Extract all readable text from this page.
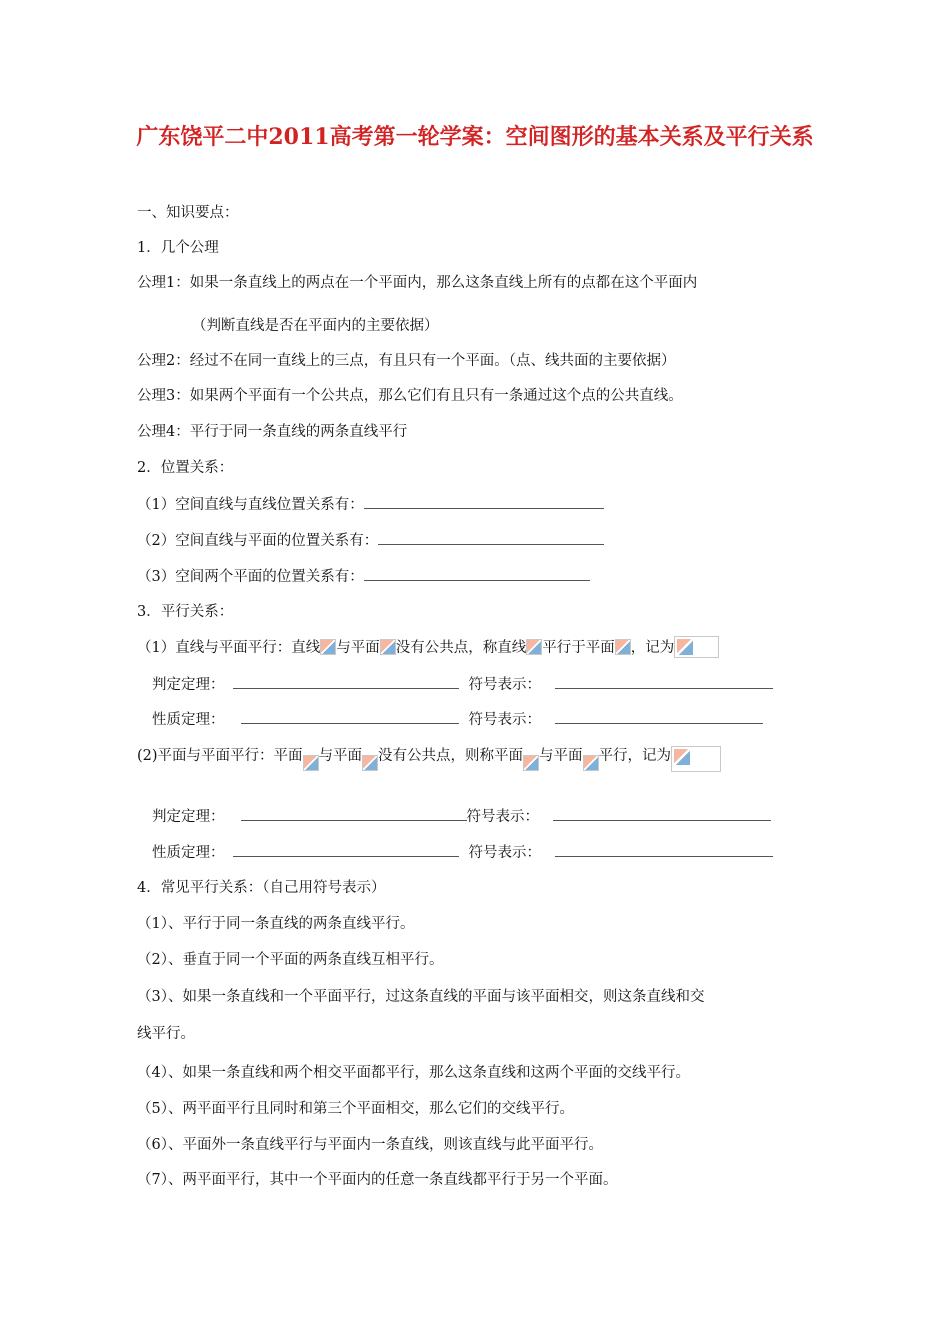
广东饶平二中2011高考第一轮学案：空间图形的基本关系及平行关系
一、知识要点：
1．几个公理
公理1：如果一条直线上的两点在一个平面内，那么这条直线上所有的点都在这个平面内
（判断直线是否在平面内的主要依据）
公理2：经过不在同一直线上的三点，有且只有一个平面。（点、线共面的主要依据）
公理3：如果两个平面有一个公共点，那么它们有且只有一条通过这个点的公共直线。
公理4：平行于同一条直线的两条直线平行
2．位置关系：
（1）空间直线与直线位置关系有：
（2）空间直线与平面的位置关系有：
（3）空间两个平面的位置关系有：
3．平行关系：
（1）直线与平面平行：直线 与平面 没有公共点，称直线 平行于平面 ，记为
判定定理：	符号表示：
性质定理：	符号表示：
(2)平面与平面平行：平面 与平面 没有公共点，则称平面 与平面 平行，记为
判定定理：	符号表示：
性质定理：	符号表示：
4．常见平行关系：（自己用符号表示）
（1）、平行于同一条直线的两条直线平行。
（2）、垂直于同一个平面的两条直线互相平行。
（3）、如果一条直线和一个平面平行，过这条直线的平面与该平面相交，则这条直线和交
线平行。
（4）、如果一条直线和两个相交平面都平行，那么这条直线和这两个平面的交线平行。
（5）、两平面平行且同时和第三个平面相交，那么它们的交线平行。
（6）、平面外一条直线平行与平面内一条直线，则该直线与此平面平行。
（7）、两平面平行，其中一个平面内的任意一条直线都平行于另一个平面。
